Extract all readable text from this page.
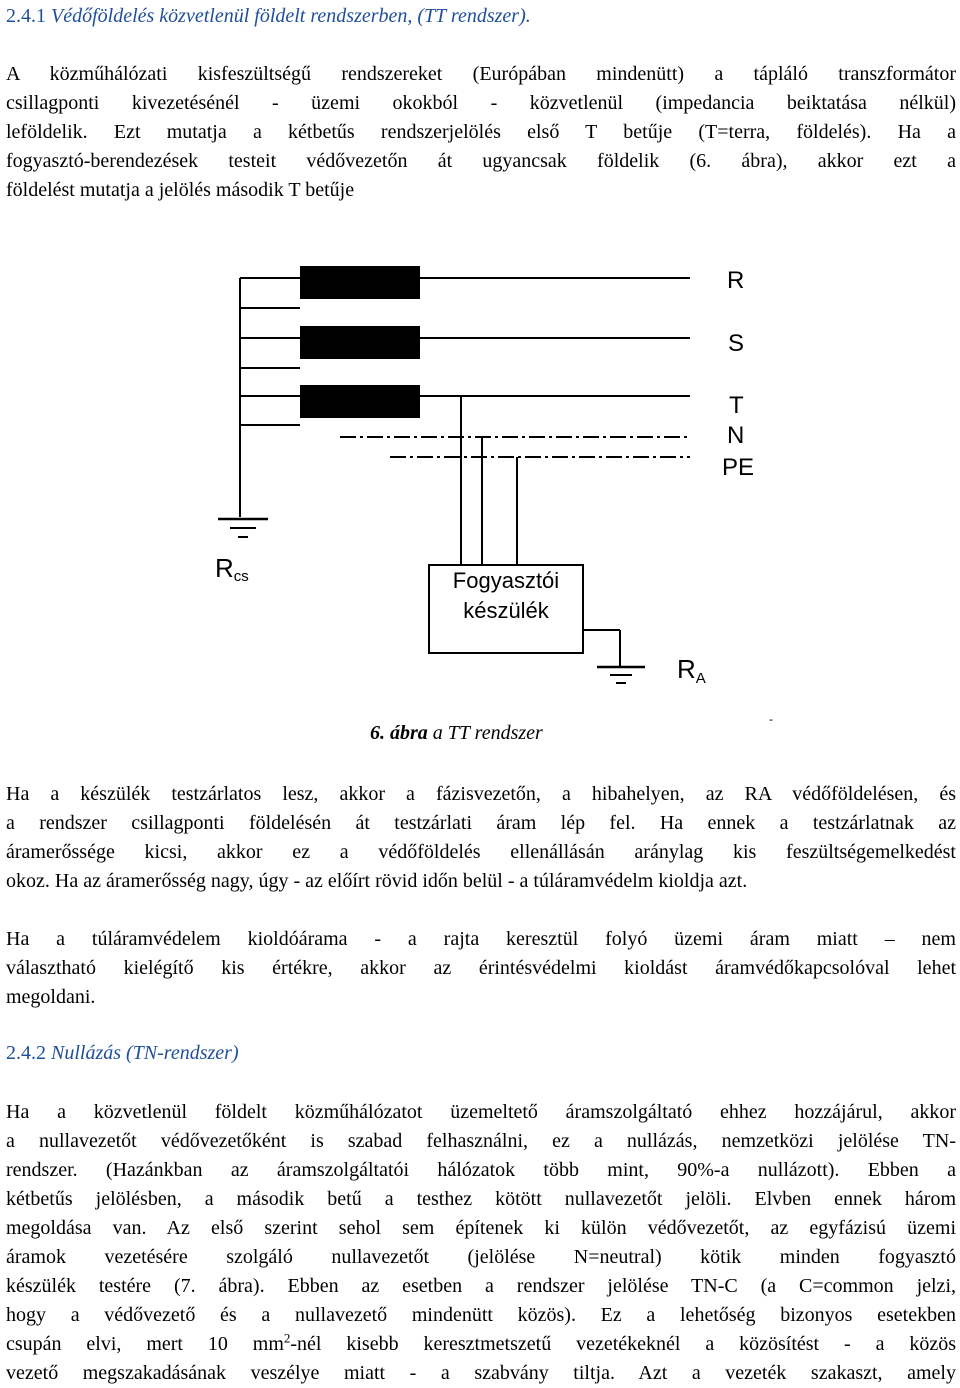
2.4.1 Védőföldelés közvetlenül földelt rendszerben, (TT rendszer).
A közműhálózati kisfeszültségű rendszereket (Európában mindenütt) a tápláló transzformátor
csillagponti kivezetésénél - üzemi okokból - közvetlenül (impedancia beiktatása nélkül)
leföldelik. Ezt mutatja a kétbetűs rendszerjelölés első T betűje (T=terra, földelés). Ha a
fogyasztó-berendezések testeit védővezetőn át ugyancsak földelik (6. ábra), akkor ezt a
földelést mutatja a jelölés második T betűje
R
S
T
N
PE
Rcs	Fogyasztói
készülék
RA
6. ábra a TT rendszer
-
Ha a készülék testzárlatos lesz, akkor a fázisvezetőn, a hibahelyen, az RA védőföldelésen, és
a rendszer csillagponti földelésén át testzárlati áram lép fel. Ha ennek a testzárlatnak az
áramerőssége kicsi, akkor ez a védőföldelés ellenállásán aránylag kis feszültségemelkedést
okoz. Ha az áramerősség nagy, úgy - az előírt rövid időn belül - a túláramvédelm kioldja azt.
Ha a túláramvédelem kioldóárama - a rajta keresztül folyó üzemi áram miatt – nem
választható kielégítő kis értékre, akkor az érintésvédelmi kioldást áramvédőkapcsolóval lehet
megoldani.
2.4.2 Nullázás (TN-rendszer)
Ha a közvetlenül földelt közműhálózatot üzemeltető áramszolgáltató ehhez hozzájárul, akkor
a nullavezetőt védővezetőként is szabad felhasználni, ez a nullázás, nemzetközi jelölése TN-
rendszer. (Hazánkban az áramszolgáltatói hálózatok több mint, 90%-a nullázott). Ebben a
kétbetűs jelölésben, a második betű a testhez kötött nullavezetőt jelöli. Elvben ennek három
megoldása van. Az első szerint sehol sem építenek ki külön védővezetőt, az egyfázisú üzemi
áramok vezetésére szolgáló nullavezetőt (jelölése N=neutral) kötik minden fogyasztó
készülék testére (7. ábra). Ebben az esetben a rendszer jelölése TN-C (a C=common jelzi,
hogy a védővezető és a nullavezető mindenütt közös). Ez a lehetőség bizonyos esetekben
csupán elvi, mert 10 $mm^2$-nél kisebb keresztmetszetű vezetékeknél a közösítést - a közös
vezető megszakadásának veszélye miatt - a szabvány tiltja. Azt a vezeték szakaszt, amely
